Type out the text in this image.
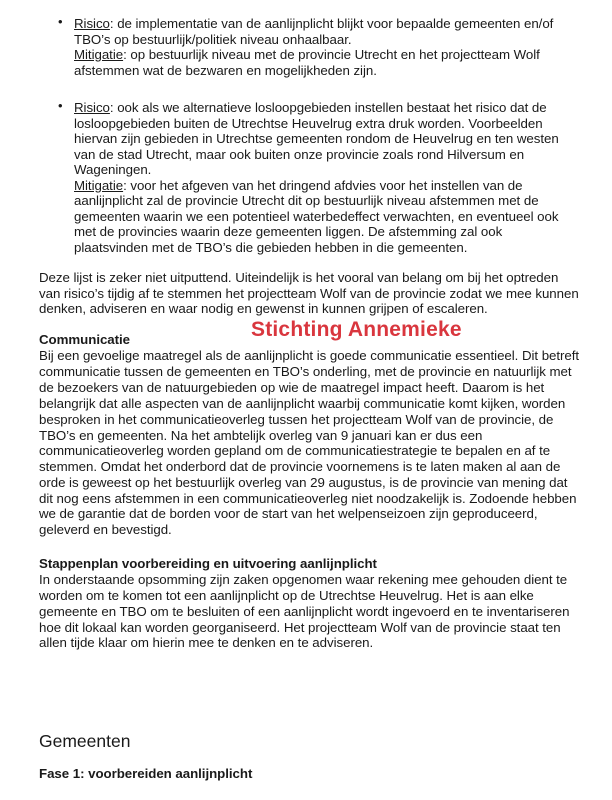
• Risico: de implementatie van de aanlijnplicht blijkt voor bepaalde gemeenten en/of
TBO’s op bestuurlijk/politiek niveau onhaalbaar.
Mitigatie: op bestuurlijk niveau met de provincie Utrecht en het projectteam Wolf
afstemmen wat de bezwaren en mogelijkheden zijn.
• Risico: ook als we alternatieve losloopgebieden instellen bestaat het risico dat de
losloopgebieden buiten de Utrechtse Heuvelrug extra druk worden. Voorbeelden
hiervan zijn gebieden in Utrechtse gemeenten rondom de Heuvelrug en ten westen
van de stad Utrecht, maar ook buiten onze provincie zoals rond Hilversum en
Wageningen.
Mitigatie: voor het afgeven van het dringend afdvies voor het instellen van de
aanlijnplicht zal de provincie Utrecht dit op bestuurlijk niveau afstemmen met de
gemeenten waarin we een potentieel waterbedeffect verwachten, en eventueel ook
met de provincies waarin deze gemeenten liggen. De afstemming zal ook
plaatsvinden met de TBO’s die gebieden hebben in die gemeenten.
Deze lijst is zeker niet uitputtend. Uiteindelijk is het vooral van belang om bij het optreden
van risico’s tijdig af te stemmen het projectteam Wolf van de provincie zodat we mee kunnen
denken, adviseren en waar nodig en gewenst in kunnen grijpen of escaleren.
Stichting Annemieke
Communicatie
Bij een gevoelige maatregel als de aanlijnplicht is goede communicatie essentieel. Dit betreft
communicatie tussen de gemeenten en TBO’s onderling, met de provincie en natuurlijk met
de bezoekers van de natuurgebieden op wie de maatregel impact heeft. Daarom is het
belangrijk dat alle aspecten van de aanlijnplicht waarbij communicatie komt kijken, worden
besproken in het communicatieoverleg tussen het projectteam Wolf van de provincie, de
TBO’s en gemeenten. Na het ambtelijk overleg van 9 januari kan er dus een
communicatieoverleg worden gepland om de communicatiestrategie te bepalen en af te
stemmen. Omdat het onderbord dat de provincie voornemens is te laten maken al aan de
orde is geweest op het bestuurlijk overleg van 29 augustus, is de provincie van mening dat
dit nog eens afstemmen in een communicatieoverleg niet noodzakelijk is. Zodoende hebben
we de garantie dat de borden voor de start van het welpenseizoen zijn geproduceerd,
geleverd en bevestigd.
Stappenplan voorbereiding en uitvoering aanlijnplicht
In onderstaande opsomming zijn zaken opgenomen waar rekening mee gehouden dient te
worden om te komen tot een aanlijnplicht op de Utrechtse Heuvelrug. Het is aan elke
gemeente en TBO om te besluiten of een aanlijnplicht wordt ingevoerd en te inventariseren
hoe dit lokaal kan worden georganiseerd. Het projectteam Wolf van de provincie staat ten
allen tijde klaar om hierin mee te denken en te adviseren.
Gemeenten
Fase 1: voorbereiden aanlijnplicht
